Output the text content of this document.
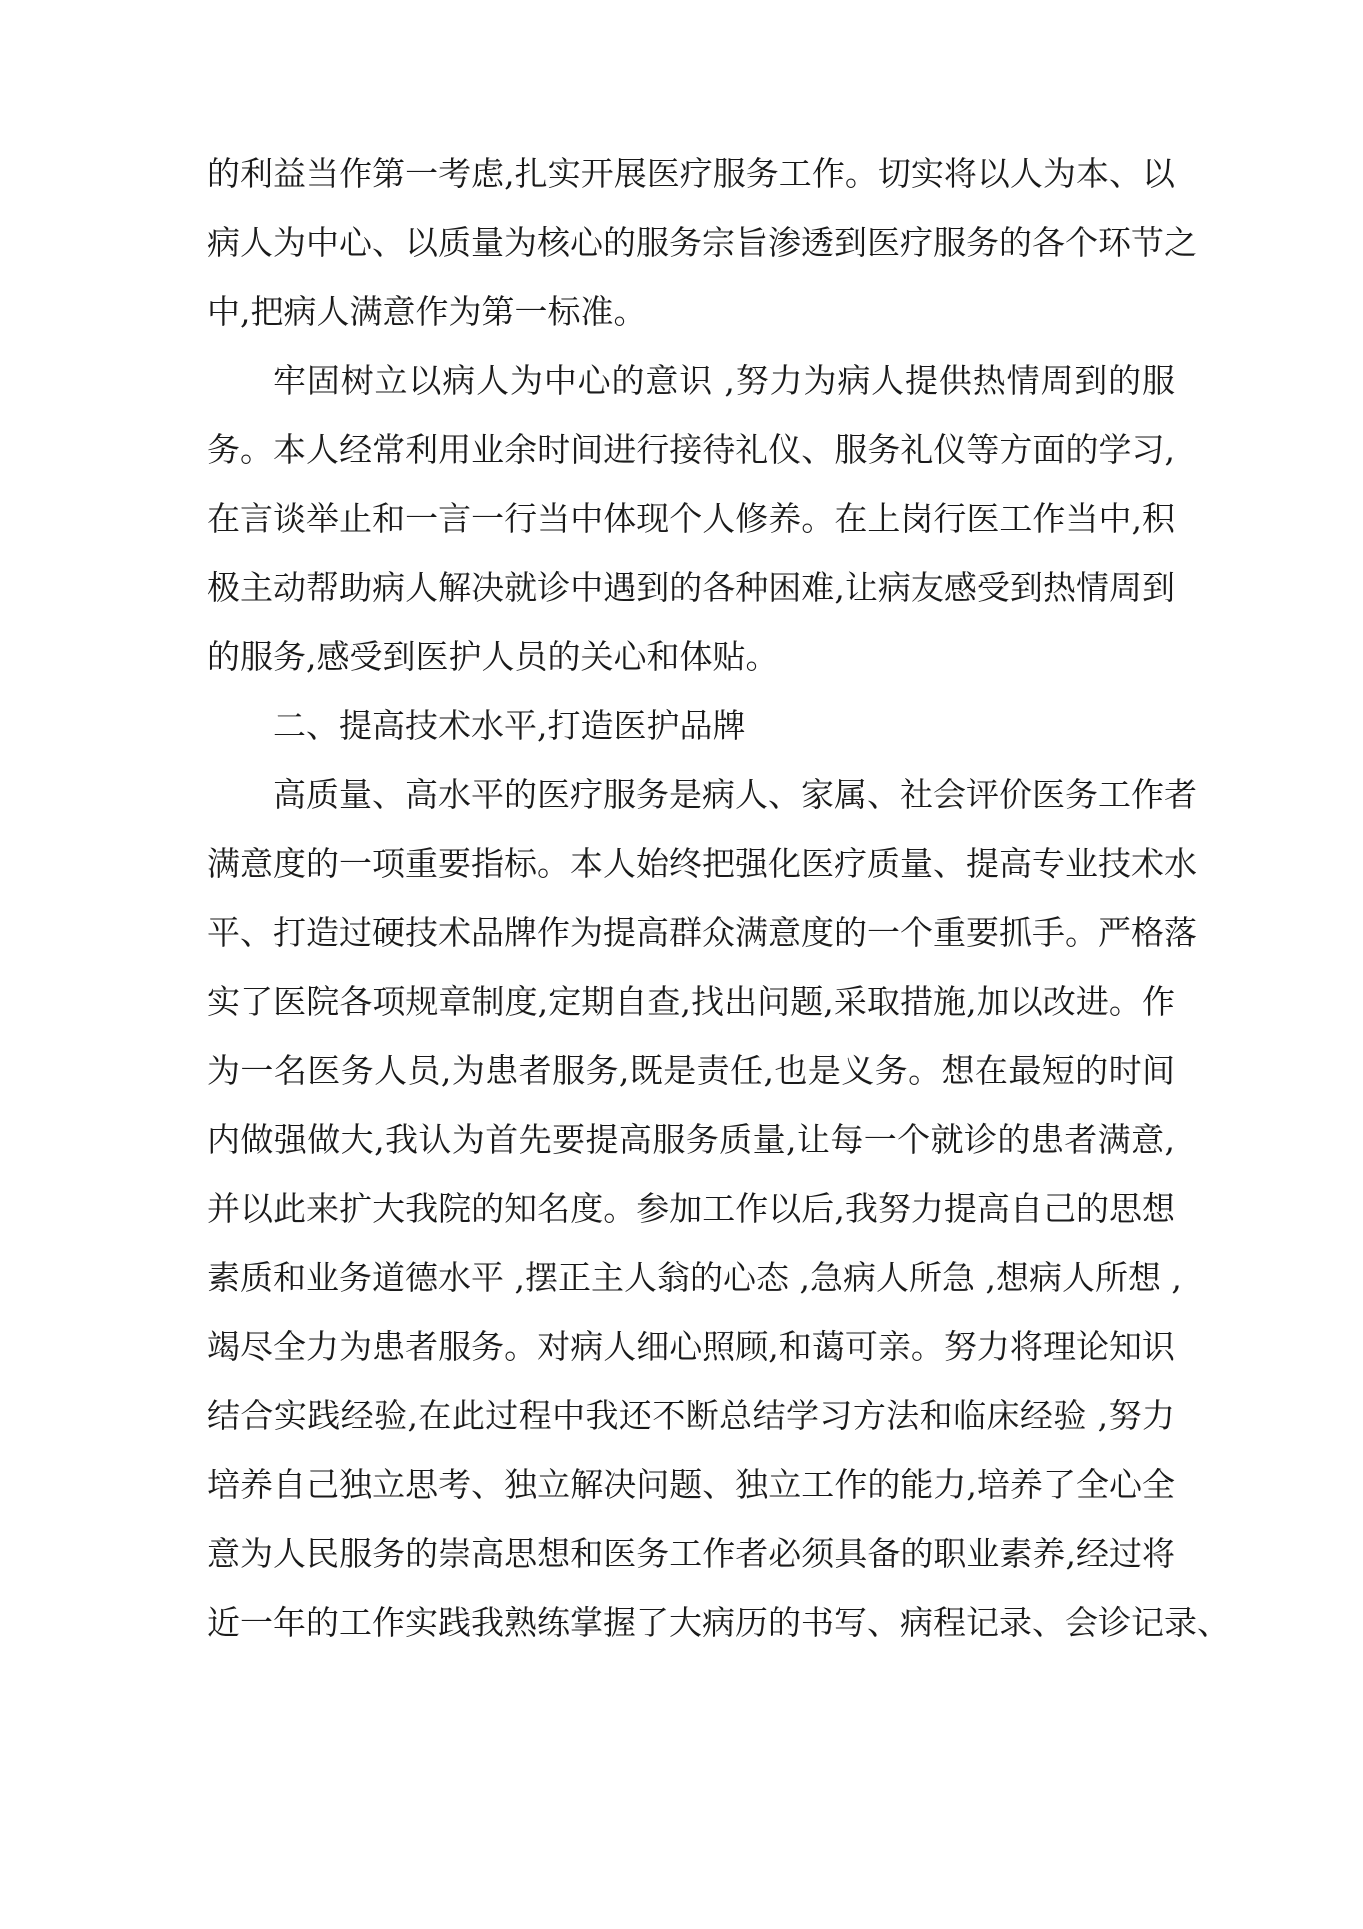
的利益当作第一考虑,扎实开展医疗服务工作。切实将以人为本、以
病人为中心、以质量为核心的服务宗旨渗透到医疗服务的各个环节之
中,把病人满意作为第一标准。
牢固树立以病人为中心的意识 ,努力为病人提供热情周到的服
务。本人经常利用业余时间进行接待礼仪、服务礼仪等方面的学习,
在言谈举止和一言一行当中体现个人修养。在上岗行医工作当中,积
极主动帮助病人解决就诊中遇到的各种困难,让病友感受到热情周到
的服务,感受到医护人员的关心和体贴。
二、提高技术水平,打造医护品牌
高质量、高水平的医疗服务是病人、家属、社会评价医务工作者
满意度的一项重要指标。本人始终把强化医疗质量、提高专业技术水
平、打造过硬技术品牌作为提高群众满意度的一个重要抓手。严格落
实了医院各项规章制度,定期自查,找出问题,采取措施,加以改进。作
为一名医务人员,为患者服务,既是责任,也是义务。想在最短的时间
内做强做大,我认为首先要提高服务质量,让每一个就诊的患者满意,
并以此来扩大我院的知名度。参加工作以后,我努力提高自己的思想
素质和业务道德水平 ,摆正主人翁的心态 ,急病人所急 ,想病人所想 ,
竭尽全力为患者服务。对病人细心照顾,和蔼可亲。努力将理论知识
结合实践经验,在此过程中我还不断总结学习方法和临床经验 ,努力
培养自己独立思考、独立解决问题、独立工作的能力,培养了全心全
意为人民服务的崇高思想和医务工作者必须具备的职业素养,经过将
近一年的工作实践我熟练掌握了大病历的书写、病程记录、会诊记录、
